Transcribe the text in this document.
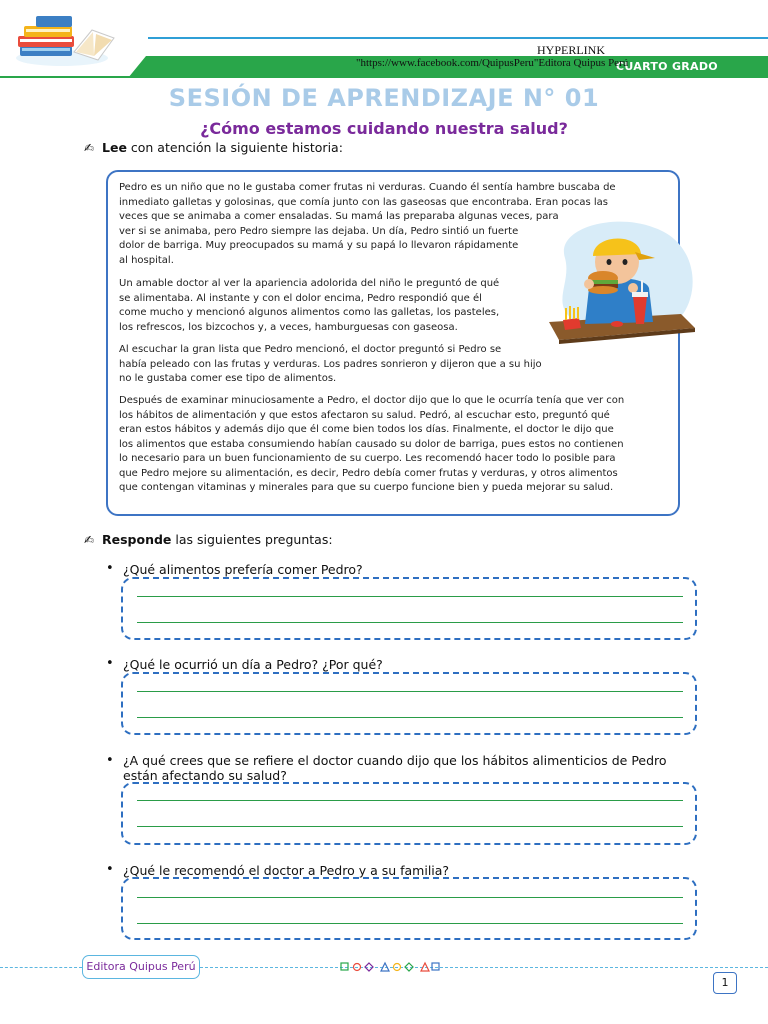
CUARTO GRADO
HYPERLINK
"https://www.facebook.com/QuipusPeru"Editora Quipus Perú
SESIÓN DE APRENDIZAJE N° 01
¿Cómo estamos cuidando nuestra salud?
✍ Lee con atención la siguiente historia:
Pedro es un niño que no le gustaba comer frutas ni verduras. Cuando él sentía hambre buscaba de
inmediato galletas y golosinas, que comía junto con las gaseosas que encontraba. Eran pocas las
veces que se animaba a comer ensaladas. Su mamá las preparaba algunas veces, para
ver si se animaba, pero Pedro siempre las dejaba. Un día, Pedro sintió un fuerte
dolor de barriga. Muy preocupados su mamá y su papá lo llevaron rápidamente
al hospital.
Un amable doctor al ver la apariencia adolorida del niño le preguntó de qué
se alimentaba. Al instante y con el dolor encima, Pedro respondió que él
come mucho y mencionó algunos alimentos como las galletas, los pasteles,
los refrescos, los bizcochos y, a veces, hamburguesas con gaseosa.
Al escuchar la gran lista que Pedro mencionó, el doctor preguntó si Pedro se
había peleado con las frutas y verduras. Los padres sonrieron y dijeron que a su hijo
no le gustaba comer ese tipo de alimentos.
Después de examinar minuciosamente a Pedro, el doctor dijo que lo que le ocurría tenía que ver con
los hábitos de alimentación y que estos afectaron su salud. Pedró, al escuchar esto, preguntó qué
eran estos hábitos y además dijo que él come bien todos los días. Finalmente, el doctor le dijo que
los alimentos que estaba consumiendo habían causado su dolor de barriga, pues estos no contienen
lo necesario para un buen funcionamiento de su cuerpo. Les recomendó hacer todo lo posible para
que Pedro mejore su alimentación, es decir, Pedro debía comer frutas y verduras, y otros alimentos
que contengan vitaminas y minerales para que su cuerpo funcione bien y pueda mejorar su salud.
✍ Responde las siguientes preguntas:
• ¿Qué alimentos prefería comer Pedro?
• ¿Qué le ocurrió un día a Pedro? ¿Por qué?
• ¿A qué crees que se refiere el doctor cuando dijo que los hábitos alimenticios de Pedro
están afectando su salud?
• ¿Qué le recomendó el doctor a Pedro y a su familia?
Editora Quipus Perú
1
